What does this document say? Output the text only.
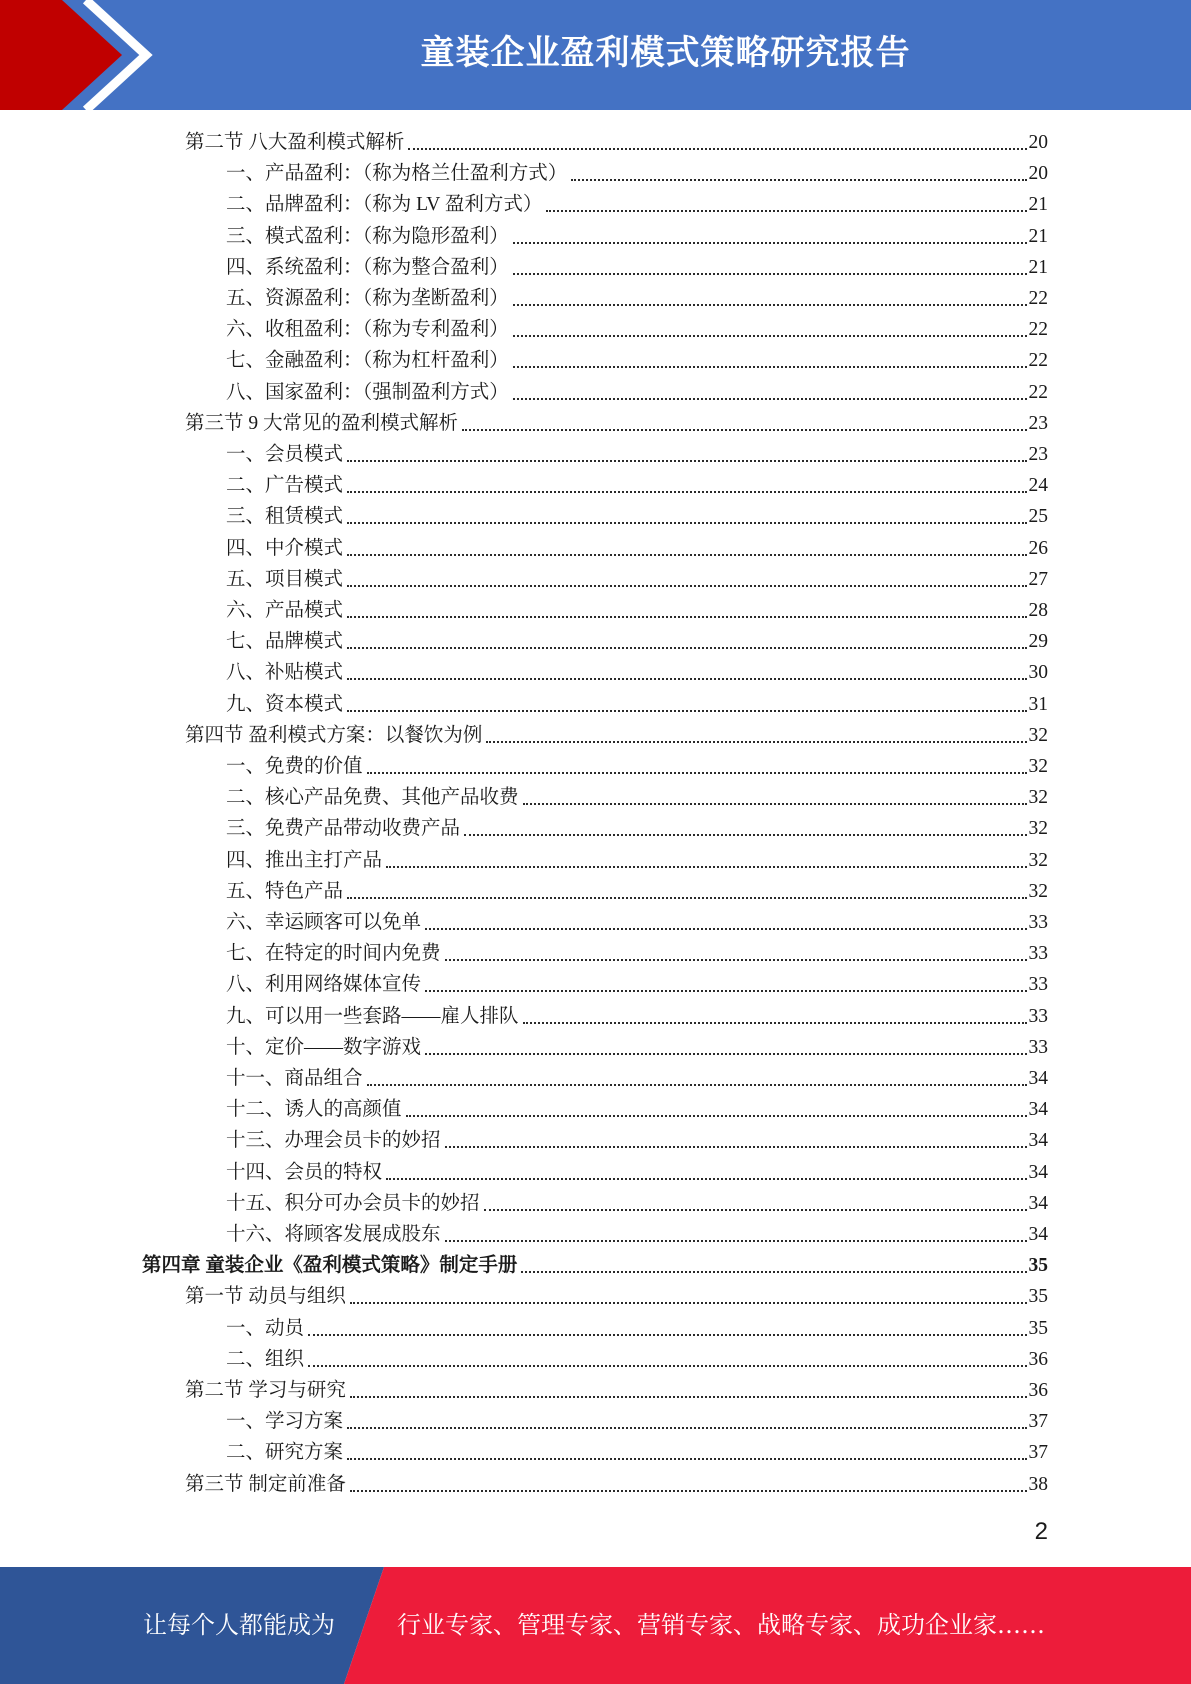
童装企业盈利模式策略研究报告
第二节 八大盈利模式解析	20
一、产品盈利：（称为格兰仕盈利方式）	20
二、品牌盈利：（称为 LV 盈利方式）	21
三、模式盈利：（称为隐形盈利）	21
四、系统盈利：（称为整合盈利）	21
五、资源盈利：（称为垄断盈利）	22
六、收租盈利：（称为专利盈利）	22
七、金融盈利：（称为杠杆盈利）	22
八、国家盈利：（强制盈利方式）	22
第三节 9 大常见的盈利模式解析	23
一、会员模式	23
二、广告模式	24
三、租赁模式	25
四、中介模式	26
五、项目模式	27
六、产品模式	28
七、品牌模式	29
八、补贴模式	30
九、资本模式	31
第四节 盈利模式方案：以餐饮为例	32
一、免费的价值	32
二、核心产品免费、其他产品收费	32
三、免费产品带动收费产品	32
四、推出主打产品	32
五、特色产品	32
六、幸运顾客可以免单	33
七、在特定的时间内免费	33
八、利用网络媒体宣传	33
九、可以用一些套路——雇人排队	33
十、定价——数字游戏	33
十一、商品组合	34
十二、诱人的高颜值	34
十三、办理会员卡的妙招	34
十四、会员的特权	34
十五、积分可办会员卡的妙招	34
十六、将顾客发展成股东	34
第四章 童装企业《盈利模式策略》制定手册	35
第一节 动员与组织	35
一、动员	35
二、组织	36
第二节 学习与研究	36
一、学习方案	37
二、研究方案	37
第三节 制定前准备	38
2
让每个人都能成为	行业专家、管理专家、营销专家、战略专家、成功企业家……
